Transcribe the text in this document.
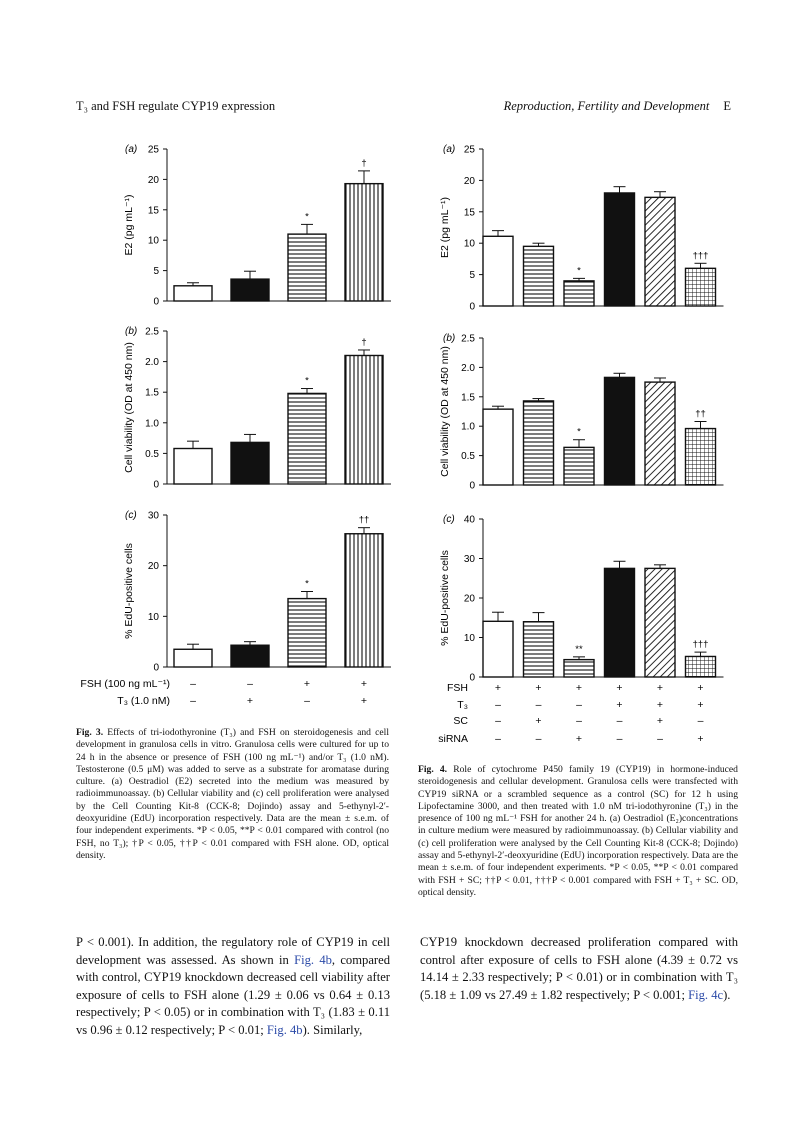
T₃ and FSH regulate CYP19 expression	Reproduction, Fertility and Development E
(a)
0
5
10
15
20
25
E2 (pg mL⁻¹)	*
†
(b)
0
0.5
1.0
1.5
2.0
2.5
Cell viability (OD at 450 nm)	*
†
(c)
0
10
20
30
% EdU-positive cells	*
††
FSH (100 ng mL⁻¹) –	–	+	+
T₃ (1.0 nM) –	+	–	+
(a)
0
5
10
15
20
25
E2 (pg mL⁻¹)
*
†††
(b)
0
0.5
1.0
1.5
2.0
2.5
Cell viability (OD at 450 nm)	*
††
(c)
0
10
20
30
40
% EdU-positive cells
**	†††
FSH	+	+	+	+	+	+
T₃	–	–	–	+	+	+
SC	–	+	–	–	+	–
siRNA	–	–	+	–	–	+
Fig. 3. Effects of tri-iodothyronine (T₃) and FSH on steroidogenesis and cell development in granulosa cells in vitro. Granulosa cells were cultured for up to 24 h in the absence or presence of FSH (100 ng mL⁻¹) and/or T₃ (1.0 nM). Testosterone (0.5 μM) was added to serve as a substrate for aromatase during culture. (a) Oestradiol (E2) secreted into the medium was measured by radioimmunoassay. (b) Cellular viability and (c) cell proliferation were analysed by the Cell Counting Kit-8 (CCK-8; Dojindo) assay and 5-ethynyl-2′-deoxyuridine (EdU) incorporation respectively. Data are the mean ± s.e.m. of four independent experiments. *P < 0.05, **P < 0.01 compared with control (no FSH, no T₃); †P < 0.05, ††P < 0.01 compared with FSH alone. OD, optical density.
Fig. 4. Role of cytochrome P450 family 19 (CYP19) in hormone-induced steroidogenesis and cellular development. Granulosa cells were transfected with CYP19 siRNA or a scrambled sequence as a control (SC) for 12 h using Lipofectamine 3000, and then treated with 1.0 nM tri-iodothyronine (T₃) in the presence of 100 ng mL⁻¹ FSH for another 24 h. (a) Oestradiol (E₂)concentrations in culture medium were measured by radioimmunoassay. (b) Cellular viability and (c) cell proliferation were analysed by the Cell Counting Kit-8 (CCK-8; Dojindo) assay and 5-ethynyl-2′-deoxyuridine (EdU) incorporation respectively. Data are the mean ± s.e.m. of four independent experiments. *P < 0.05, **P < 0.01 compared with FSH + SC; ††P < 0.01, †††P < 0.001 compared with FSH + T₃ + SC. OD, optical density.
P < 0.001). In addition, the regulatory role of CYP19 in cell development was assessed. As shown in Fig. 4b, compared with control, CYP19 knockdown decreased cell viability after exposure of cells to FSH alone (1.29 ± 0.06 vs 0.64 ± 0.13 respectively; P < 0.05) or in combination with T₃ (1.83 ± 0.11 vs 0.96 ± 0.12 respectively; P < 0.01; Fig. 4b). Similarly,
CYP19 knockdown decreased proliferation compared with control after exposure of cells to FSH alone (4.39 ± 0.72 vs 14.14 ± 2.33 respectively; P < 0.01) or in combination with T₃ (5.18 ± 1.09 vs 27.49 ± 1.82 respectively; P < 0.001; Fig. 4c).
